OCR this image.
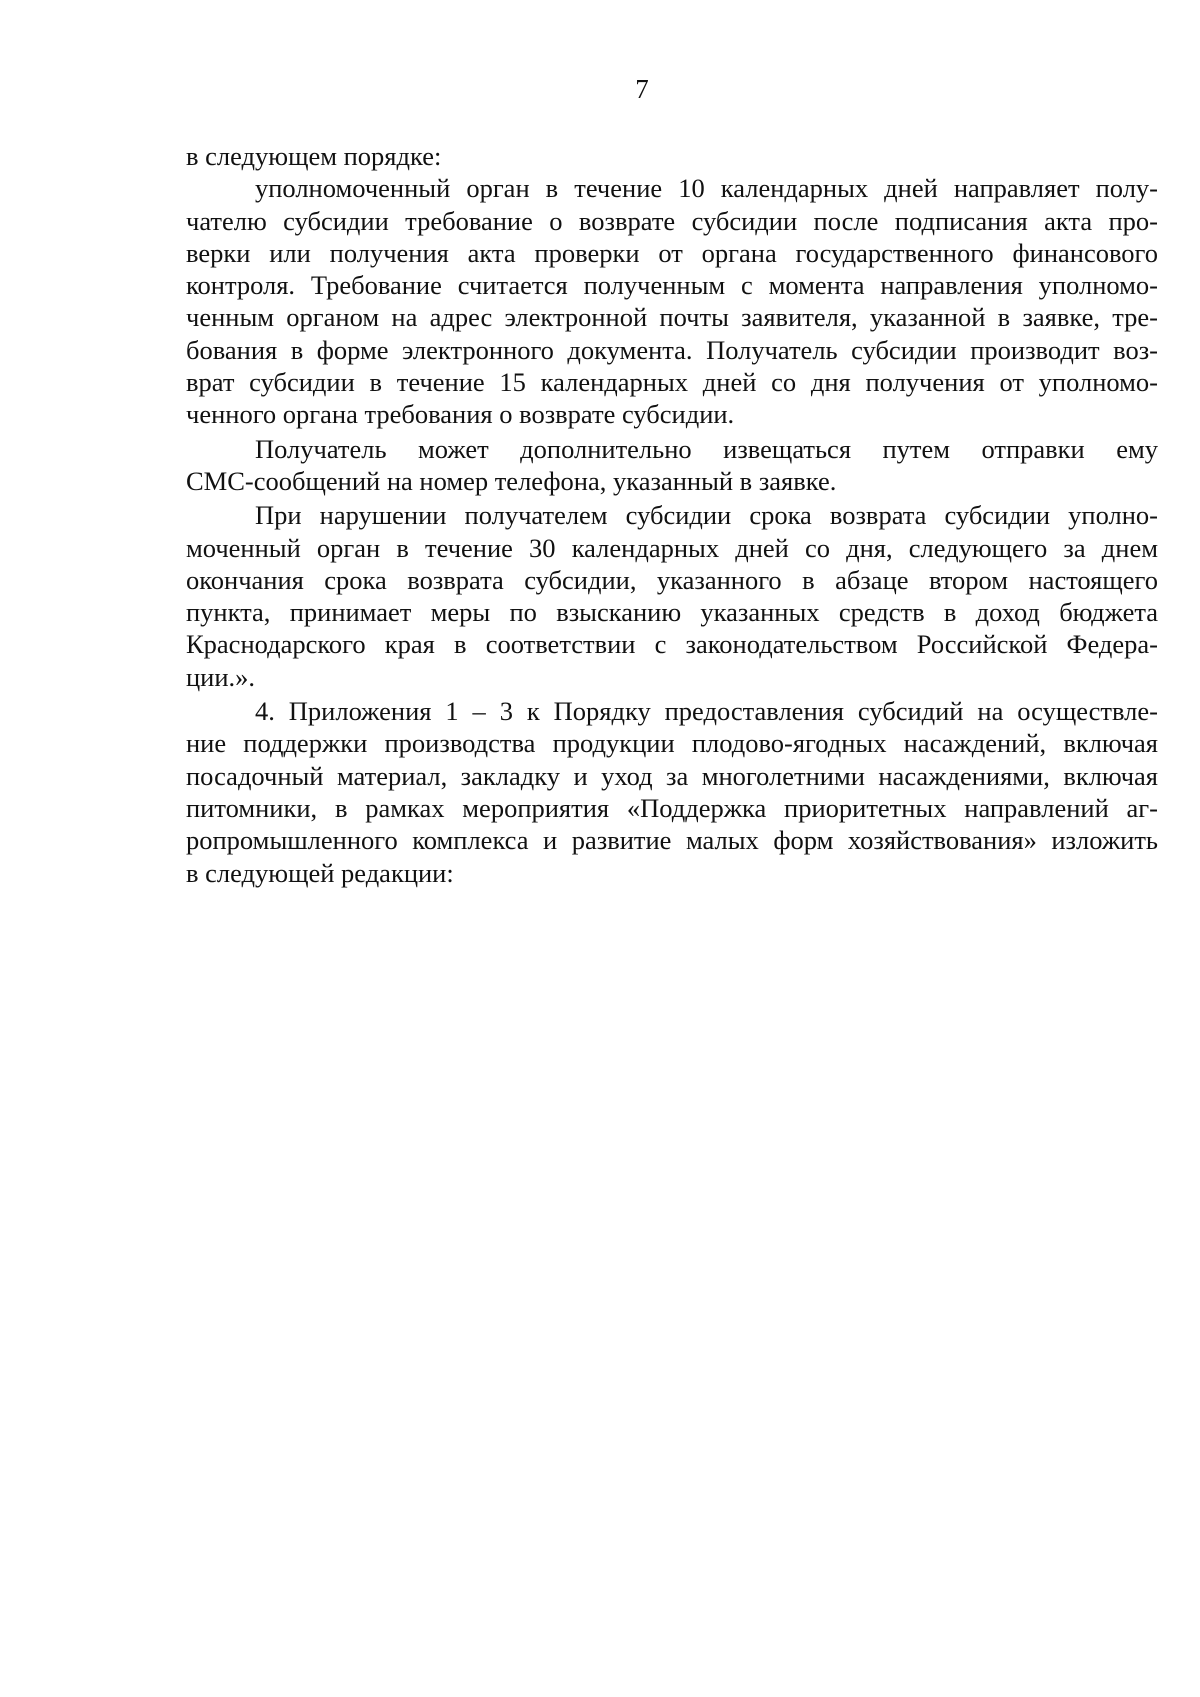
7
в следующем порядке:
уполномоченный орган в течение 10 календарных дней направляет полу-
чателю субсидии требование о возврате субсидии после подписания акта про-
верки или получения акта проверки от органа государственного финансового
контроля. Требование считается полученным с момента направления уполномо-
ченным органом на адрес электронной почты заявителя, указанной в заявке, тре-
бования в форме электронного документа. Получатель субсидии производит воз-
врат субсидии в течение 15 календарных дней со дня получения от уполномо-
ченного органа требования о возврате субсидии.
Получатель может дополнительно извещаться путем отправки ему
СМС-сообщений на номер телефона, указанный в заявке.
При нарушении получателем субсидии срока возврата субсидии уполно-
моченный орган в течение 30 календарных дней со дня, следующего за днем
окончания срока возврата субсидии, указанного в абзаце втором настоящего
пункта, принимает меры по взысканию указанных средств в доход бюджета
Краснодарского края в соответствии с законодательством Российской Федера-
ции.».
4. Приложения 1 – 3 к Порядку предоставления субсидий на осуществле-
ние поддержки производства продукции плодово-ягодных насаждений, включая
посадочный материал, закладку и уход за многолетними насаждениями, включая
питомники, в рамках мероприятия «Поддержка приоритетных направлений аг-
ропромышленного комплекса и развитие малых форм хозяйствования» изложить
в следующей редакции:
